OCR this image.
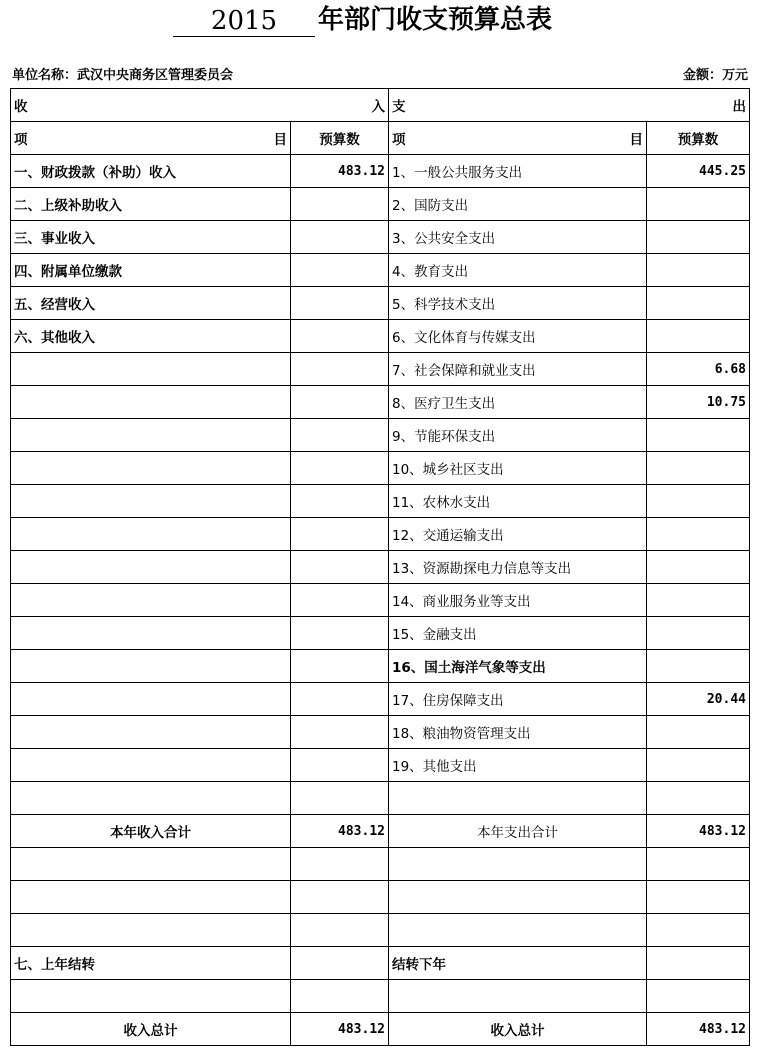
2015	年部门收支预算总表
单位名称：武汉中央商务区管理委员会	金额：万元
收 入		支 出	

项 目	预算数	项 目	预算数
一、财政拨款（补助）收入	483.12	1、一般公共服务支出	445.25
二、上级补助收入		2、国防支出	
三、事业收入		3、公共安全支出	
四、附属单位缴款		4、教育支出	
五、经营收入		5、科学技术支出	
六、其他收入		6、文化体育与传媒支出	
		7、社会保障和就业支出	6.68
		8、医疗卫生支出	10.75
		9、节能环保支出	
		10、城乡社区支出	
		11、农林水支出	
		12、交通运输支出	
		13、资源勘探电力信息等支出	
		14、商业服务业等支出	
		15、金融支出	
		16、国土海洋气象等支出	
		17、住房保障支出	20.44
		18、粮油物资管理支出	
		19、其他支出	

本年收入合计	483.12	本年支出合计	483.12

七、上年结转		结转下年	

收入总计	483.12	收入总计	483.12
